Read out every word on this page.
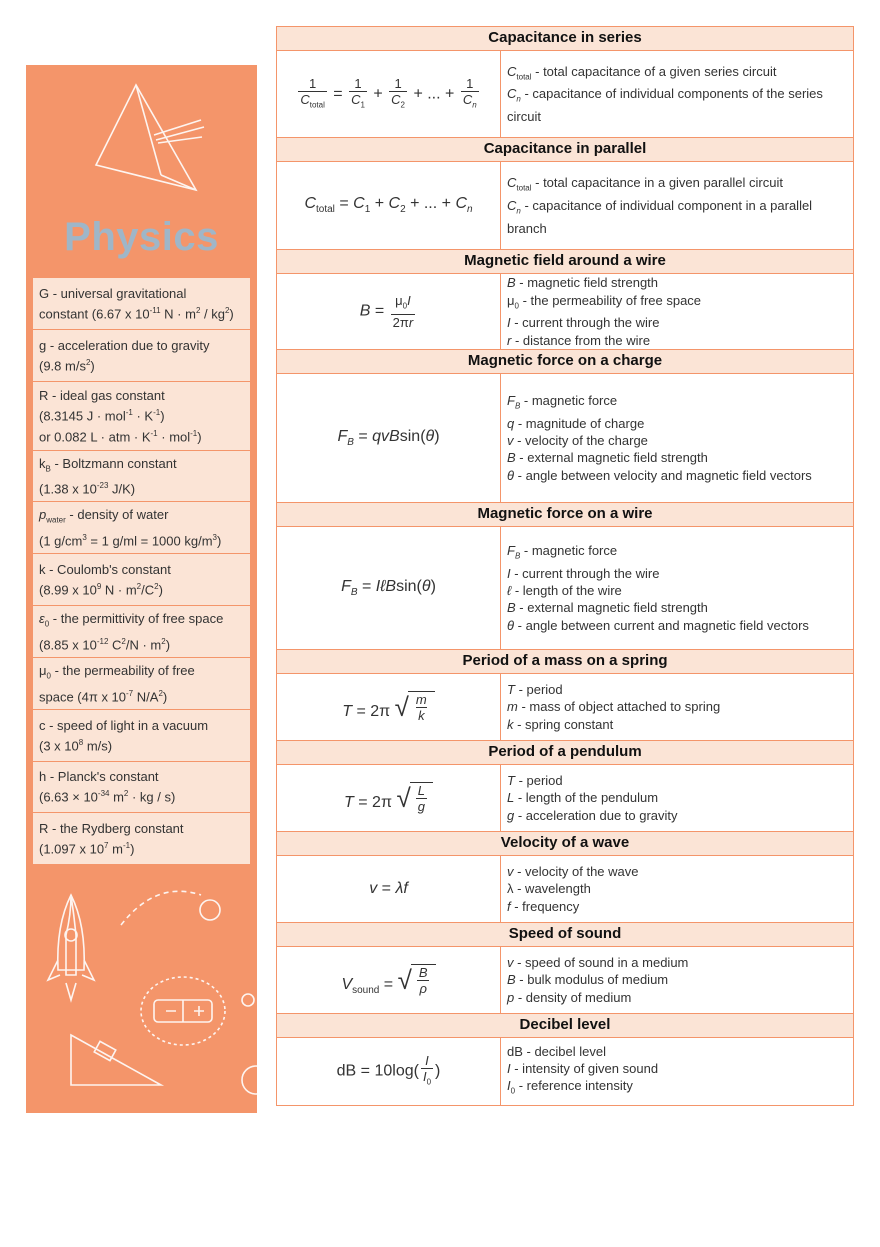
Physics
G - universal gravitational
constant (6.67 x $10^{-11}$ $N \cdot m^2 / kg^2$)
g - acceleration due to gravity
(9.8 $m/s^2$)
R - ideal gas constant
(8.3145 $J \cdot mol^{-1} \cdot K^{-1}$)
or 0.082 L · atm · $K^{-1} \cdot mol^{-1}$)
$k_B$ - Boltzmann constant
(1.38 x $10^{-23}$ J/K)
$p_{water}$ - density of water
(1 $g/cm^3 = 1$ g/ml = 1000 $kg/m^3$)
k - Coulomb's constant
(8.99 x $10^9$ $N \cdot m^2/C^2$)
$\varepsilon_0$ - the permittivity of free space
(8.85 x $10^{-12}$ $C^2/N \cdot m^2$)
$\mu_0$ - the permeability of free
space (4π x $10^{-7}$ $N/A^2$)
c - speed of light in a vacuum
(3 x $10^8$ m/s)
h - Planck's constant
($6.63 \times 10^{-34}$ $m^2$ · kg / s)
R - the Rydberg constant
(1.097 x $10^7$ $m^{-1}$)
Capacitance in series
$\frac{1}{C_{total}} = \frac{1}{C_1} + \frac{1}{C_2}$ + ... + $\frac{1}{C_n}$
$C_{total}$ - total capacitance of a given series circuit
$C_n$ - capacitance of individual components of the series circuit
Capacitance in parallel
$C_{total} = C_1 + C_2$ + ... + $C_n$
$C_{total}$ - total capacitance in a given parallel circuit
$C_n$ - capacitance of individual component in a parallel branch
Magnetic field around a wire
$B = \frac{\mu_0I}{2\pi r}$
B - magnetic field strength
$\mu_0$ - the permeability of free space
I - current through the wire
r - distance from the wire
Magnetic force on a charge
$F_B = qvBsin(\theta)$
$F_B$ - magnetic force
q - magnitude of charge
v - velocity of the charge
B - external magnetic field strength
θ - angle between velocity and magnetic field vectors
Magnetic force on a wire
$F_B$ = IℓBsin(θ)
$F_B$ - magnetic force
I - current through the wire
ℓ - length of the wire
B - external magnetic field strength
θ - angle between current and magnetic field vectors
Period of a mass on a spring
T = 2π √ $\frac{m}{k}$
T - period
m - mass of object attached to spring
k - spring constant
Period of a pendulum
T = 2π √ $\frac{L}{g}$
T - period
L - length of the pendulum
g - acceleration due to gravity
Velocity of a wave
v = λf
v - velocity of the wave
λ - wavelength
f - frequency
Speed of sound
$V_{sound}$ = √ $\frac{B}{\rho}$
v - speed of sound in a medium
B - bulk modulus of medium
p - density of medium
Decibel level
dB = $10\log( \frac{I}{I_0}$ )
dB - decibel level
I - intensity of given sound
$I_0$ - reference intensity
